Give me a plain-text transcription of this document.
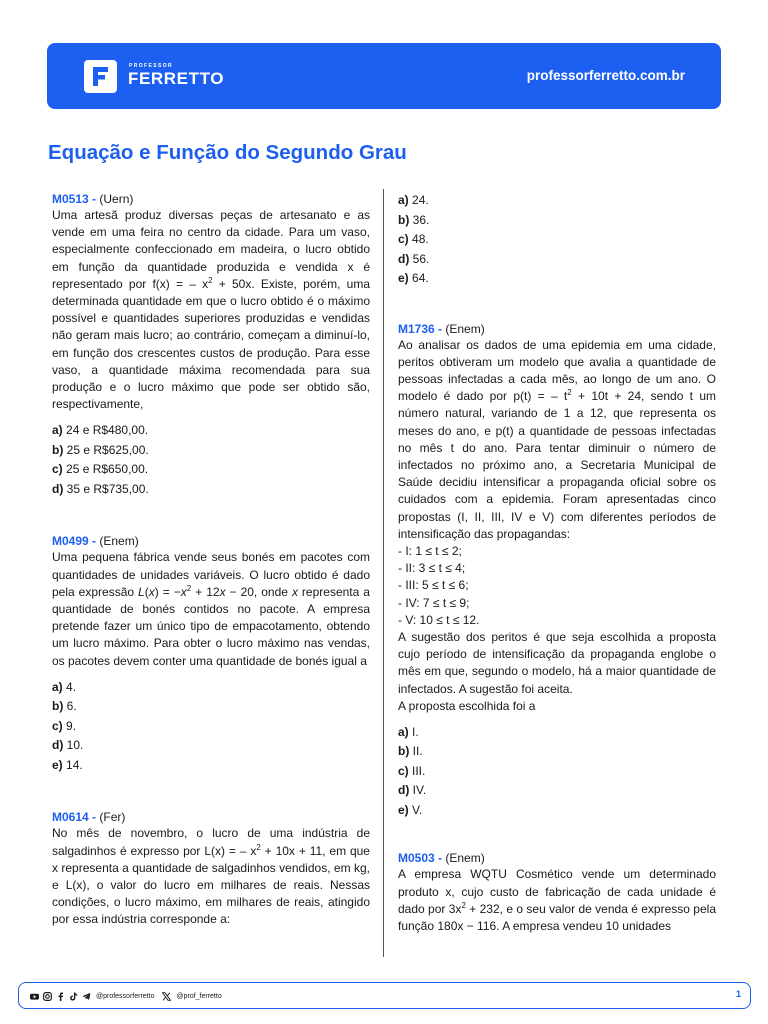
PROFESSOR
FERRETTO	professorferretto.com.br
Equação e Função do Segundo Grau
M0513 - (Uern)
Uma artesã produz diversas peças de artesanato e as vende em uma feira no centro da cidade. Para um vaso, especialmente confeccionado em madeira, o lucro obtido em função da quantidade produzida e vendida x é representado por f(x) = – $x^2 + 50x$. Existe, porém, uma determinada quantidade em que o lucro obtido é o máximo possível e quantidades superiores produzidas e vendidas não geram mais lucro; ao contrário, começam a diminuí-lo, em função dos crescentes custos de produção. Para esse vaso, a quantidade máxima recomendada para sua produção e o lucro máximo que pode ser obtido são, respectivamente,
a) 24 e R$480,00.
b) 25 e R$625,00.
c) 25 e R$650,00.
d) 35 e R$735,00.
M0499 - (Enem)
Uma pequena fábrica vende seus bonés em pacotes com quantidades de unidades variáveis. O lucro obtido é dado pela expressão $L(x) = -x^2 + 12x - 20$, onde x representa a quantidade de bonés contidos no pacote. A empresa pretende fazer um único tipo de empacotamento, obtendo um lucro máximo. Para obter o lucro máximo nas vendas, os pacotes devem conter uma quantidade de bonés igual a
a) 4.
b) 6.
c) 9.
d) 10.
e) 14.
M0614 - (Fer)
No mês de novembro, o lucro de uma indústria de salgadinhos é expresso por L(x) = – $x^2 + 10x + 11$, em que x representa a quantidade de salgadinhos vendidos, em kg, e L(x), o valor do lucro em milhares de reais. Nessas condições, o lucro máximo, em milhares de reais, atingido por essa indústria corresponde a:
a) 24.
b) 36.
c) 48.
d) 56.
e) 64.
M1736 - (Enem)
Ao analisar os dados de uma epidemia em uma cidade, peritos obtiveram um modelo que avalia a quantidade de pessoas infectadas a cada mês, ao longo de um ano. O modelo é dado por p(t) = – $t^2 + 10t + 24$, sendo t um número natural, variando de 1 a 12, que representa os meses do ano, e p(t) a quantidade de pessoas infectadas no mês t do ano. Para tentar diminuir o número de infectados no próximo ano, a Secretaria Municipal de Saúde decidiu intensificar a propaganda oficial sobre os cuidados com a epidemia. Foram apresentadas cinco propostas (I, II, III, IV e V) com diferentes períodos de intensificação das propagandas:
- I: 1 ≤ t ≤ 2;
- II: 3 ≤ t ≤ 4;
- III: 5 ≤ t ≤ 6;
- IV: 7 ≤ t ≤ 9;
- V: 10 ≤ t ≤ 12.
A sugestão dos peritos é que seja escolhida a proposta cujo período de intensificação da propaganda englobe o mês em que, segundo o modelo, há a maior quantidade de infectados. A sugestão foi aceita.
A proposta escolhida foi a
a) I.
b) II.
c) III.
d) IV.
e) V.
M0503 - (Enem)
A empresa WQTU Cosmético vende um determinado produto x, cujo custo de fabricação de cada unidade é dado por $3x^2 + 232$, e o seu valor de venda é expresso pela função 180x − 116. A empresa vendeu 10 unidades
@professorferretto	@prof_ferretto	1
